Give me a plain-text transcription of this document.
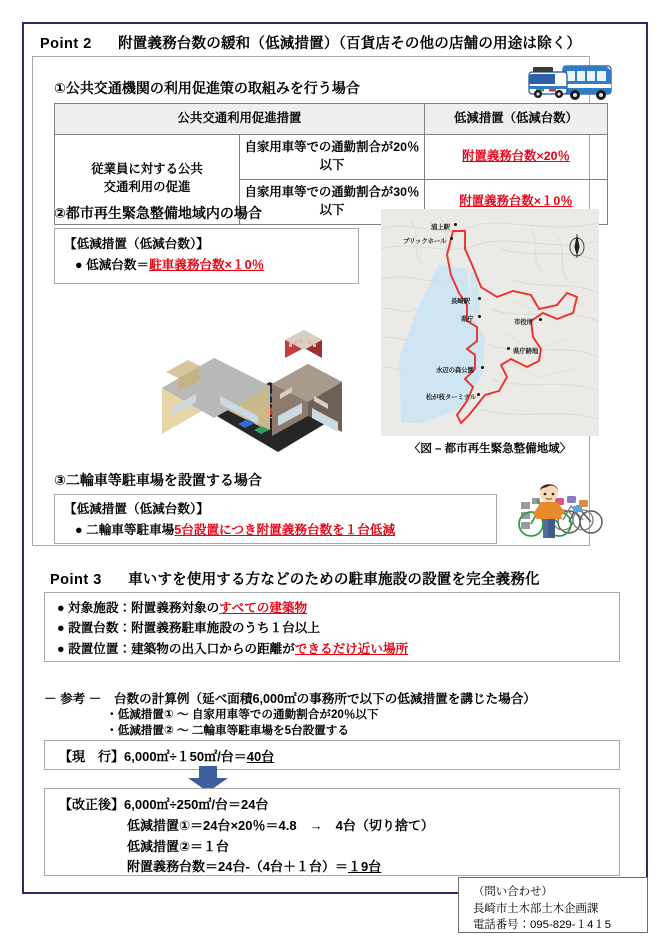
Point 2 附置義務台数の緩和（低減措置）（百貨店その他の店舗の用途は除く）
①公共交通機関の利用促進策の取組みを行う場合
公共交通利用促進措置		低減措置（低減台数）

従業員に対する公共
交通利用の促進	自家用車等での通勤割合が20％以下	附置義務台数×20％
	自家用車等での通勤割合が30％以下	附置義務台数×１0％
②都市再生緊急整備地域内の場合
【低減措置（低減台数）】
● 低減台数＝駐車義務台数×１0％
浦上駅
ブリックホール
長崎駅
県庁	市役所
県庁跡地
水辺の森公園
松が枝ターミナル
〈図 – 都市再生緊急整備地域〉
③二輪車等駐車場を設置する場合
【低減措置（低減台数）】
● 二輪車等駐車場5台設置につき附置義務台数を１台低減
Point 3 車いすを使用する方などのための駐車施設の設置を完全義務化
● 対象施設：附置義務対象のすべての建築物
● 設置台数：附置義務駐車施設のうち１台以上
● 設置位置：建築物の出入口からの距離ができるだけ近い場所
－ 参考 －　台数の計算例（延べ面積6,000㎡の事務所で以下の低減措置を講じた場合）
・低減措置① ～ 自家用車等での通勤割合が20％以下
・低減措置② ～ 二輪車等駐車場を5台設置する
【現　行】6,000㎡÷１50㎡/台＝40台
【改正後】6,000㎡÷250㎡/台＝24台
低減措置①＝24台×20％＝4.8　→　4台（切り捨て）
低減措置②＝１台
附置義務台数＝24台-（4台＋１台）＝１9台
（問い合わせ）
長崎市土木部土木企画課
電話番号：095-829-１4１5
